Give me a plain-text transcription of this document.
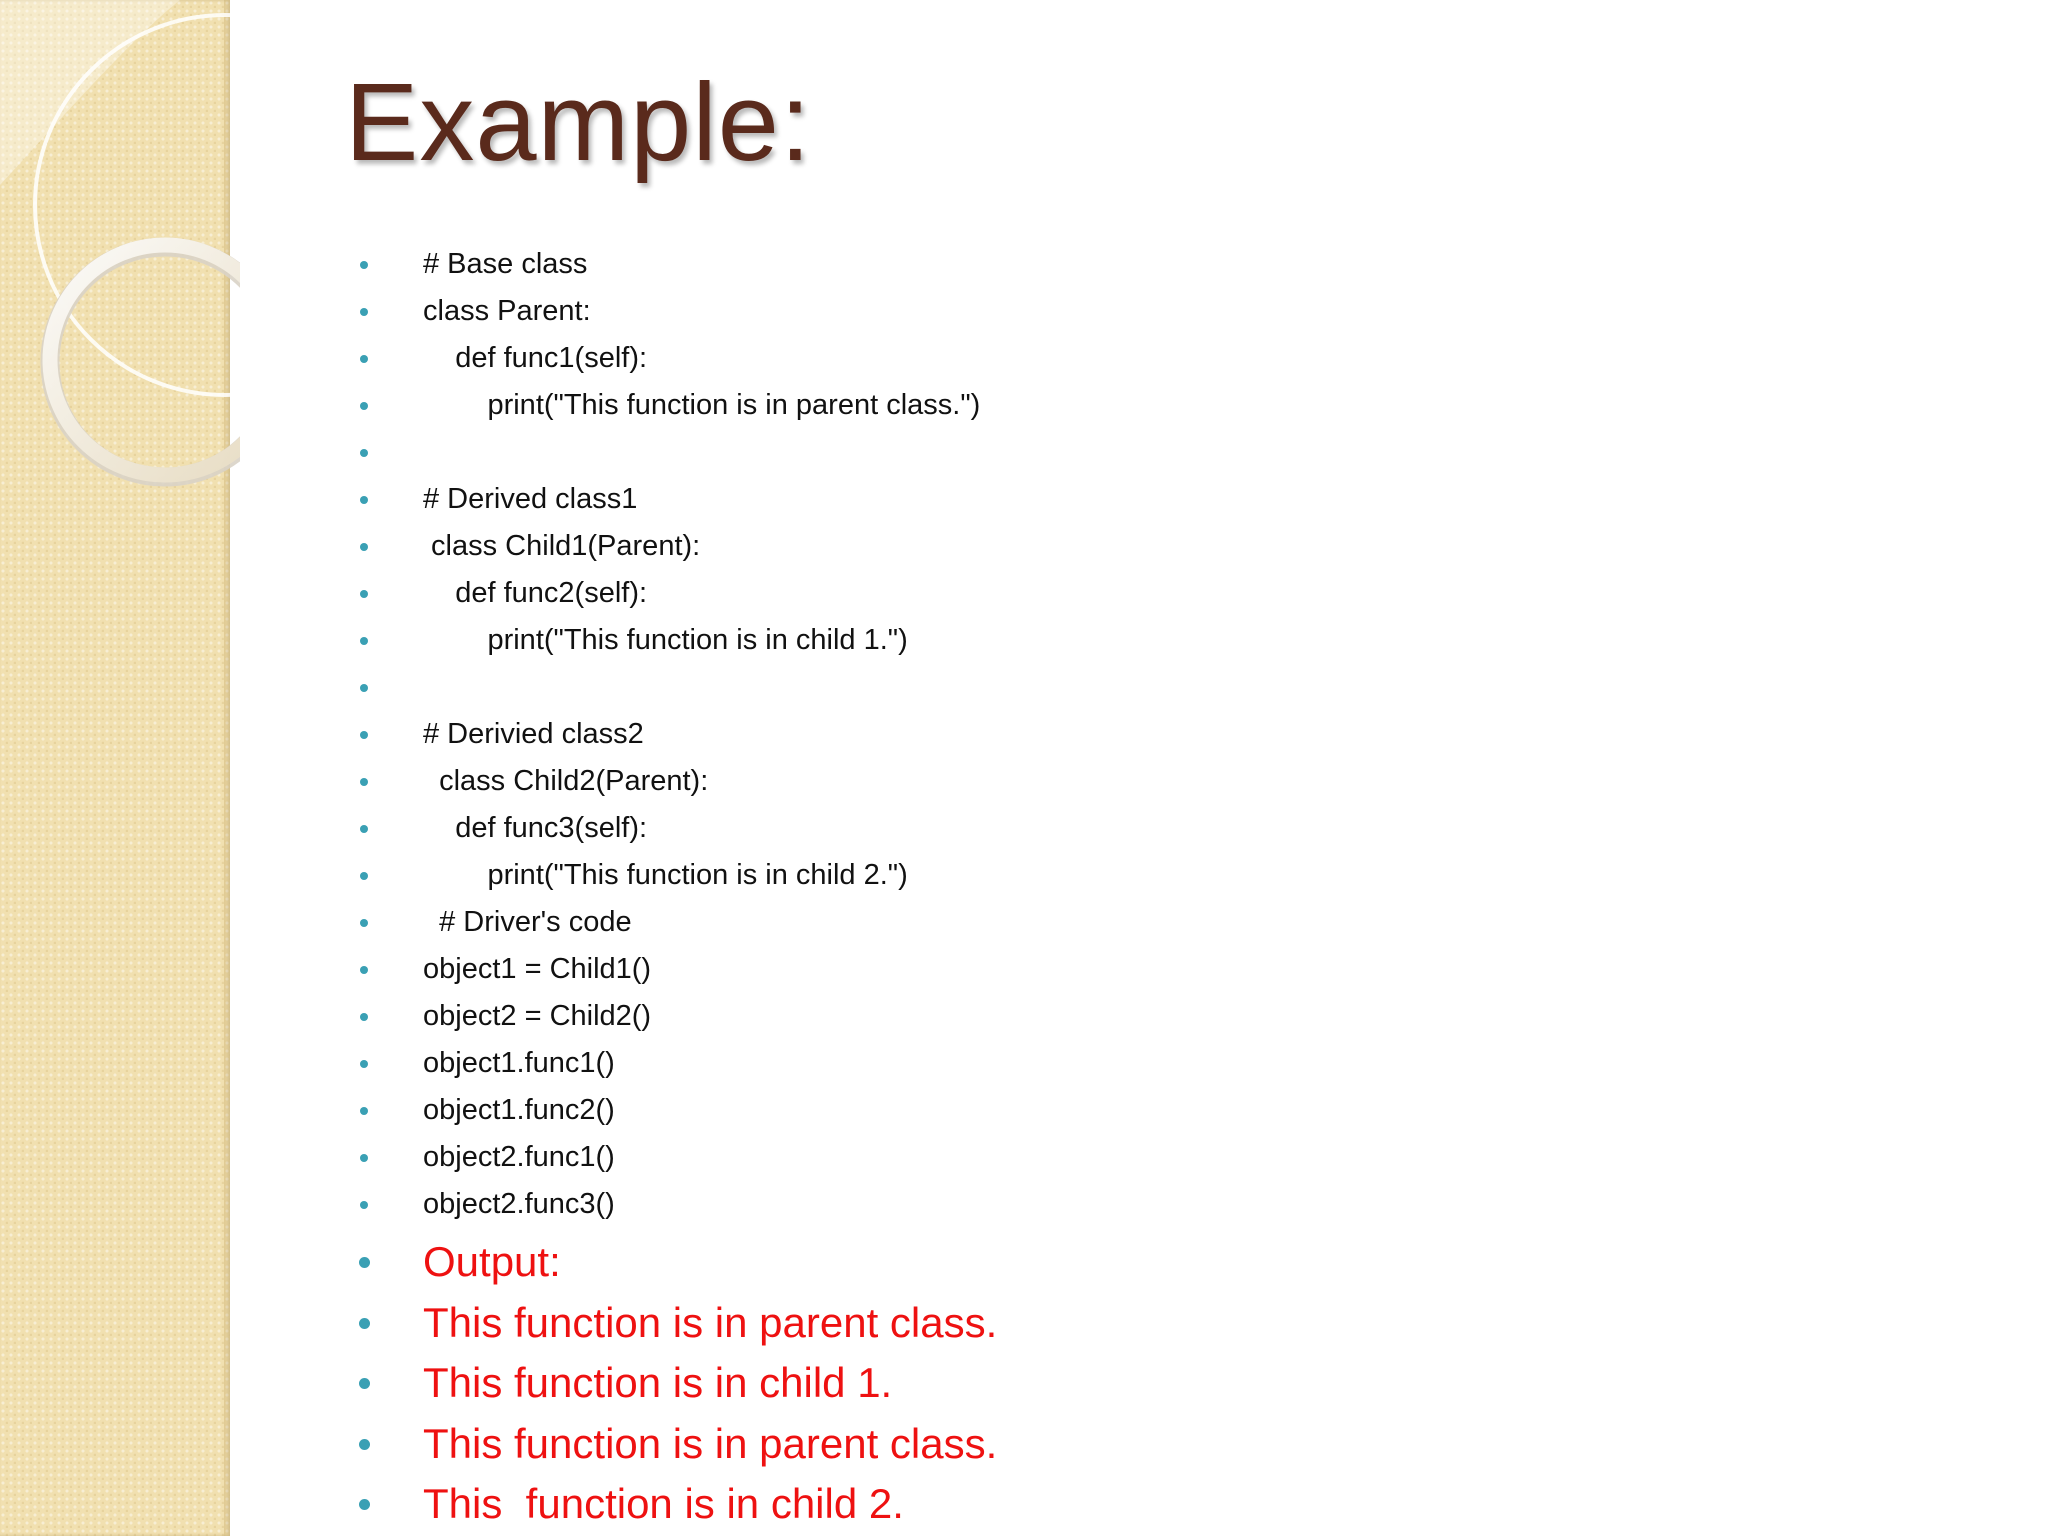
Example:
# Base class
class Parent:
def func1(self):
print("This function is in parent class.")
# Derived class1
class Child1(Parent):
def func2(self):
print("This function is in child 1.")
# Derivied class2
class Child2(Parent):
def func3(self):
print("This function is in child 2.")
# Driver's code
object1 = Child1()
object2 = Child2()
object1.func1()
object1.func2()
object2.func1()
object2.func3()
Output:
This function is in parent class.
This function is in child 1.
This function is in parent class.
This  function is in child 2.
